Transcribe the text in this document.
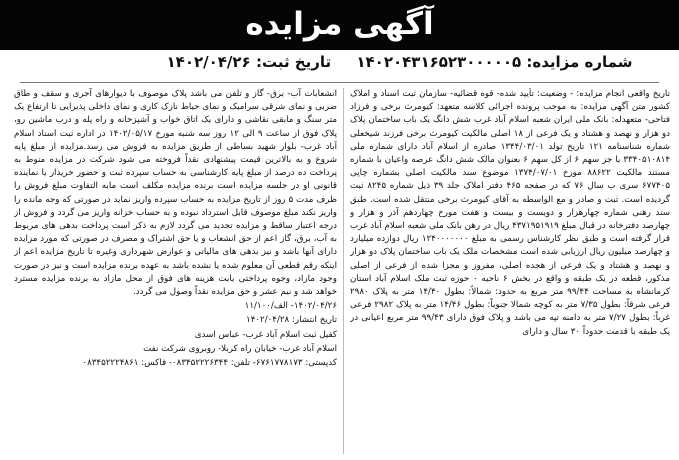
آگهی مزایده
شماره مزایده: ۱۴۰۲۰۴۳۱۶۵۲۳۰۰۰۰۰۵ تاریخ ثبت: ۱۴۰۲/۰۴/۲۶

تاریخ واقعی انجام مزایده: - وضعیت: تأیید شده- قوه قضائیه- سازمان ثبت اسناد و املاک کشور متن آگهی مزایده: به موجب پرونده اجرائی کلاسه متعهد: کیومرث برخی و فرزاد فتاحی- متعهدله: بانک ملی ایران شعبه اسلام آباد غرب شش دانگ یک باب ساختمان پلاک دو هزار و نهصد و هشتاد و یک فرعی از ۱۸ اصلی مالکیت کیومرث برخی فرزند شیخعلی شماره شناسنامه ۱۲۱ تاریخ تولد ۱۳۴۴/۰۳/۰۱ صادره از اسلام آباد دارای شماره ملی ۳۳۴۰۵۱۰۸۱۴ با جز سهم ۶ از کل سهم ۶ بعنوان مالک شش دانگ عرصه واعیان با شماره مستند مالکیت ۸۸۶۲۲ مورخ ۱۳۷۴/۰۷/۰۱ موضوع سند مالکیت اصلی بشماره چاپی ۶۷۷۴۰۵ سری ب سال ۷۶ که در صفحه ۴۶۵ دفتر املاک جلد ۳۹ ذیل شماره ۸۲۴۵ ثبت گردیده است. ثبت و صادر و مع الواسطه به آقای کیومرث برخی منتقل شده است. طبق سند رهنی شماره چهارهزار و دویست و بیست و هفت مورخ چهاردهم آذر و هزار و چهارصد دفترخانه در قبال مبلغ ۴۳۷۱۹۵۱۹۱۹ ریال در رهن بانک ملی شعبه اسلام آباد غرب قرار گرفته است و طبق نظر کارشناس رسمی به مبلغ ۱۲۴۰۰۰۰۰۰۰ ریال دوازده میلیارد و چهارصد میلیون ریال ارزیابی شده است مشخصات ملک یک باب ساختمان پلاک دو هزار و نهصد و هشتاد و یک فرعی از هجده اصلی، مفروز و مجزا شده از فرعی از اصلی مذکور، قطعه در یک طبقه و واقع در بخش ۶ ناحیه ۰ حوزه ثبت ملک اسلام آباد استان کرمانشاه به مساحت ۹۹/۴۴ متر مربع به حدود: شمالاً: بطول ۱۴/۴۰ متر به پلاک ۲۹۸۰ فرعی شرقاً: بطول ۷/۳۵ متر به کوچه شمالا جنوباً: بطول ۱۴/۴۶ متر به پلاک ۲۹۸۲ فرعی غرباً: بطول ۷/۲۷ متر به دامنه تپه می باشد و پلاک فوق دارای ۹۹/۴۳ متر مربع اعیانی در یک طبقه با قدمت حدوداً ۳۰ سال و دارای

انشعابات آب- برق- گاز و تلفن می باشد پلاک موصوف با دیوارهای آجری و سقف و طاق ضربی و نمای شرقی سرامیک و نمای حیاط نازک کاری و نمای داخلی پذیرایی تا ارتفاع یک متر سنگ و مابقی نقاشی و دارای یک اتاق خواب و آشپزخانه و راه پله و درب ماشین رو، پلاک فوق از ساعت ۹ الی ۱۲ روز سه شنبه مورخ ۱۴۰۲/۰۵/۱۷ در اداره ثبت اسناد اسلام آباد غرب- بلوار شهید بساطی از طریق مزایده به فروش می رسد.مزایده از مبلغ پایه شروع و به بالاترین قیمت پیشنهادی نقداً فروخته می شود شرکت در مزایده منوط به پرداخت ده درصد از مبلغ پایه کارشناسی به حساب سپرده ثبت و حضور خریدار یا نماینده قانونی او در جلسه مزایده است برنده مزایده مکلف است مابه التفاوت مبلغ فروش را ظرف مدت ۵ روز از تاریخ مزایده به حساب سپرده واریز نماید در صورتی که وجه مانده را واریز نکند مبلغ موصوف قابل استرداد نبوده و به حساب خزانه واریز می گردد و فروش از درجه اعتبار ساقط و مزایده تجدید می گردد لازم به ذکر است پرداخت بدهی های مربوط به آب، برق، گاز اعم از حق انشعاب و یا حق اشتراک و مصرف در صورتی که مورد مزایده دارای آنها باشد و نیز بدهی های مالیاتی و عوارض شهرداری وغیره تا تاریخ مزایده اعم از اینکه رقم قطعی آن معلوم شده یا نشده باشد به عهده برنده مزایده است و نیز در صورت وجود مازاد، وجوه پرداختی بابت هزینه های فوق از محل مازاد به برنده مزایده مسترد خواهد شد و نیم عشر و حق مزایده نقداً وصول می گردد.

۱۴۰۲/۰۴/۲۶- الف/۱۱/۱۰۰

تاریخ انتشار: ۱۴۰۲/۰۴/۲۸

کفیل ثبت اسلام آباد غرب- عباس اسدی

اسلام آباد غرب- خیابان راه کربلا- روبروی شرکت نفت

کدپستی: ۶۷۶۱۷۷۸۱۷۳- تلفن: ۰۸۳۴۵۲۲۲۶۳۴۴- فاکس: ۰۸۳۴۵۲۲۲۴۸۶۱
